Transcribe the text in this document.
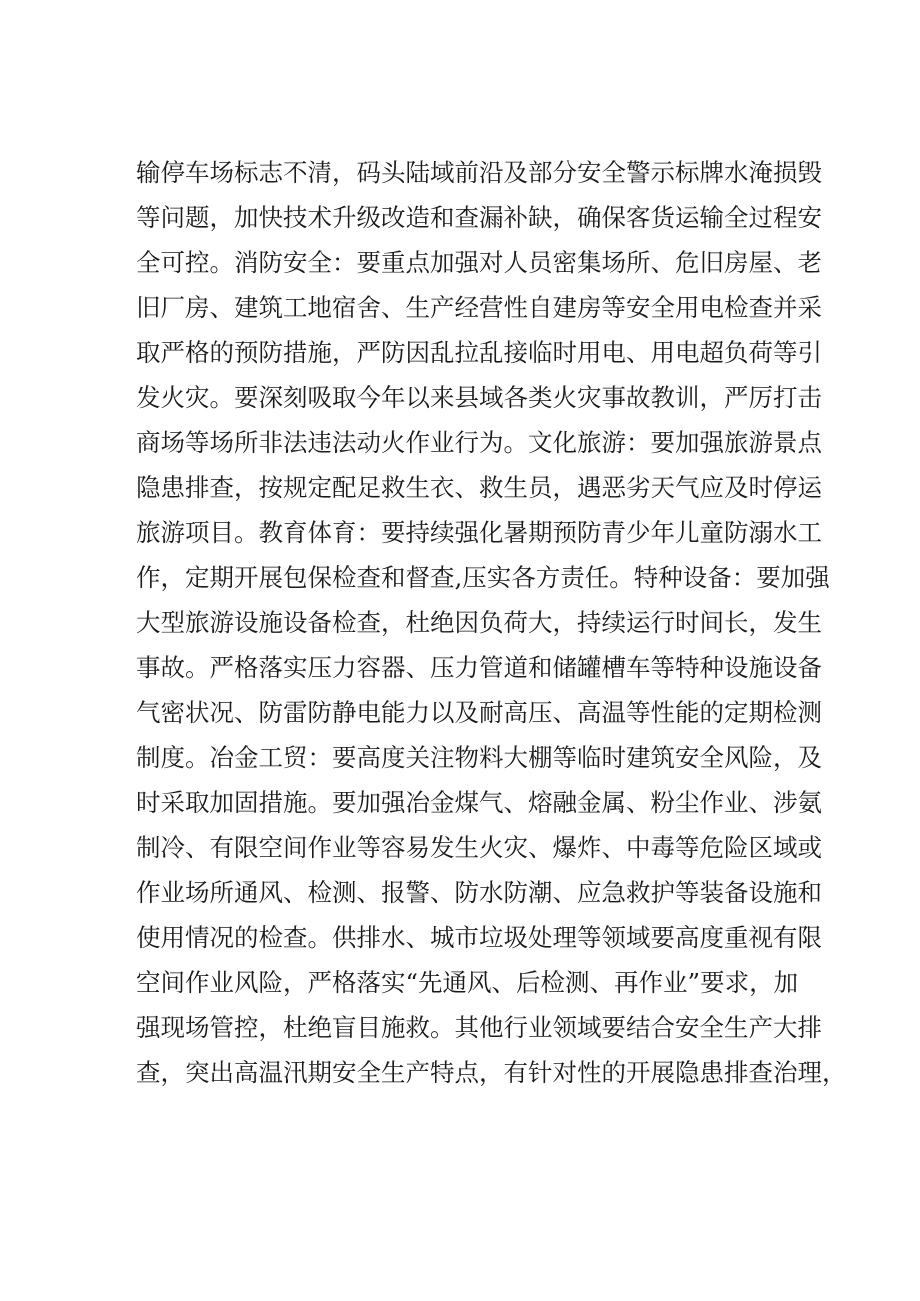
输 停 车 场 标 志 不 清 ， 码 头 陆 域 前 沿 及 部 分 安 全 警 示 标 牌 水 淹 损 毁
等 问 题 ， 加 快 技 术 升 级 改 造 和 查 漏 补 缺 ， 确 保 客 货 运 输 全 过 程 安
全 可 控 。 消 防 安 全 ： 要 重 点 加 强 对 人 员 密 集 场 所 、 危 旧 房 屋 、 老
旧 厂 房 、 建 筑 工 地 宿 舍 、 生 产 经 营 性 自 建 房 等 安 全 用 电 检 查 并 采
取 严 格 的 预 防 措 施 ， 严 防 因 乱 拉 乱 接 临 时 用 电 、 用 电 超 负 荷 等 引
发 火 灾 。 要 深 刻 吸 取 今 年 以 来 县 域 各 类 火 灾 事 故 教 训 ， 严 厉 打 击
商 场 等 场 所 非 法 违 法 动 火 作 业 行 为 。 文 化 旅 游 ： 要 加 强 旅 游 景 点
隐 患 排 查 ， 按 规 定 配 足 救 生 衣 、 救 生 员 ， 遇 恶 劣 天 气 应 及 时 停 运
旅 游 项 目 。 教 育 体 育 ： 要 持 续 强 化 暑 期 预 防 青 少 年 儿 童 防 溺 水 工
作 ， 定 期 开 展 包 保 检 查 和 督 查 , 压 实 各 方 责 任 。 特 种 设 备 ： 要 加 强
大 型 旅 游 设 施 设 备 检 查 ， 杜 绝 因 负 荷 大 ， 持 续 运 行 时 间 长 ， 发 生
事 故 。 严 格 落 实 压 力 容 器 、 压 力 管 道 和 储 罐 槽 车 等 特 种 设 施 设 备
气 密 状 况 、 防 雷 防 静 电 能 力 以 及 耐 高 压 、 高 温 等 性 能 的 定 期 检 测
制 度 。 冶 金 工 贸 ： 要 高 度 关 注 物 料 大 棚 等 临 时 建 筑 安 全 风 险 ， 及
时 采 取 加 固 措 施 。 要 加 强 冶 金 煤 气 、 熔 融 金 属 、 粉 尘 作 业 、 涉 氨
制 冷 、 有 限 空 间 作 业 等 容 易 发 生 火 灾 、 爆 炸 、 中 毒 等 危 险 区 域 或
作 业 场 所 通 风 、 检 测 、 报 警 、 防 水 防 潮 、 应 急 救 护 等 装 备 设 施 和
使 用 情 况 的 检 查 。 供 排 水 、 城 市 垃 圾 处 理 等 领 域 要 高 度 重 视 有 限
空 间 作 业 风 险 ， 严 格 落 实 “ 先 通 风 、 后 检 测 、 再 作 业 ” 要 求 ， 加
强 现 场 管 控 ， 杜 绝 盲 目 施 救 。 其 他 行 业 领 域 要 结 合 安 全 生 产 大 排
查 ， 突 出 高 温 汛 期 安 全 生 产 特 点 ， 有 针 对 性 的 开 展 隐 患 排 查 治 理 ，
